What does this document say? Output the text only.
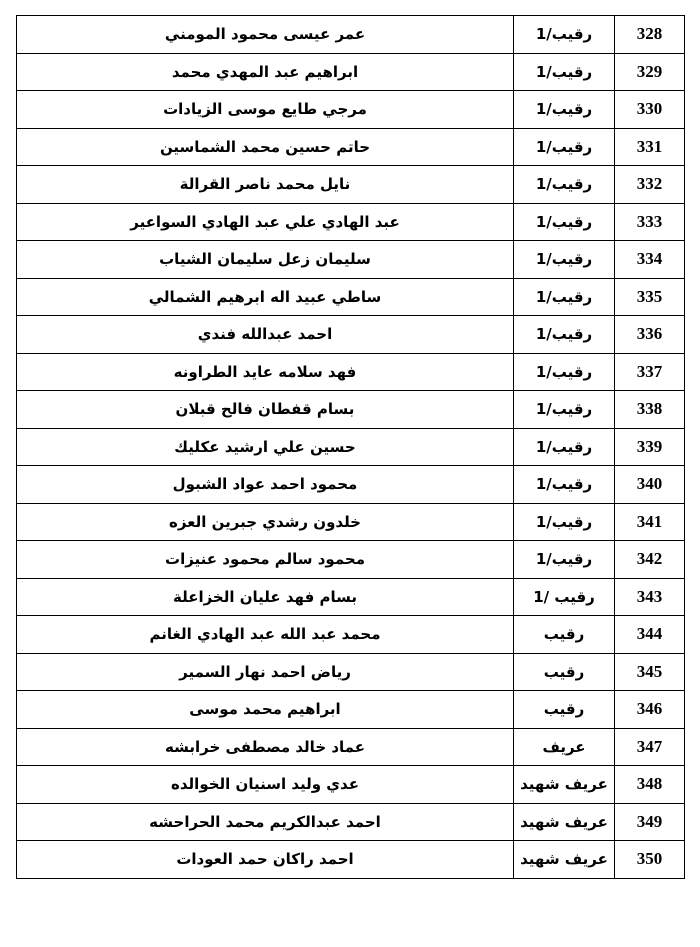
عمر عيسى محمود المومني	رقيب/1	328
ابراهيم عبد المهدي محمد	رقيب/1	329
مرجي طايع موسى الزيادات	رقيب/1	330
حاتم حسين محمد الشماسين	رقيب/1	331
نايل محمد ناصر القرالة	رقيب/1	332
عبد الهادي علي عبد الهادي السواعير	رقيب/1	333
سليمان زعل سليمان الشياب	رقيب/1	334
ساطي عبيد اله ابرهيم الشمالي	رقيب/1	335
احمد عبدالله فندي	رقيب/1	336
فهد سلامه عايد الطراونه	رقيب/1	337
بسام قفطان فالح قبلان	رقيب/1	338
حسين علي ارشيد عكليك	رقيب/1	339
محمود احمد عواد الشبول	رقيب/1	340
خلدون رشدي جبرين العزه	رقيب/1	341
محمود سالم محمود عنيزات	رقيب/1	342
بسام فهد عليان الخزاعلة	رقيب /1	343
محمد عبد الله عبد الهادي الغانم	رقيب	344
رياض احمد نهار السمير	رقيب	345
ابراهيم محمد موسى	رقيب	346
عماد خالد مصطفى خرابشه	عريف	347
عدي وليد اسنيان الخوالده	عريف شهيد	348
احمد عبدالكريم محمد الحراحشه	عريف شهيد	349
احمد راكان حمد العودات	عريف شهيد	350
